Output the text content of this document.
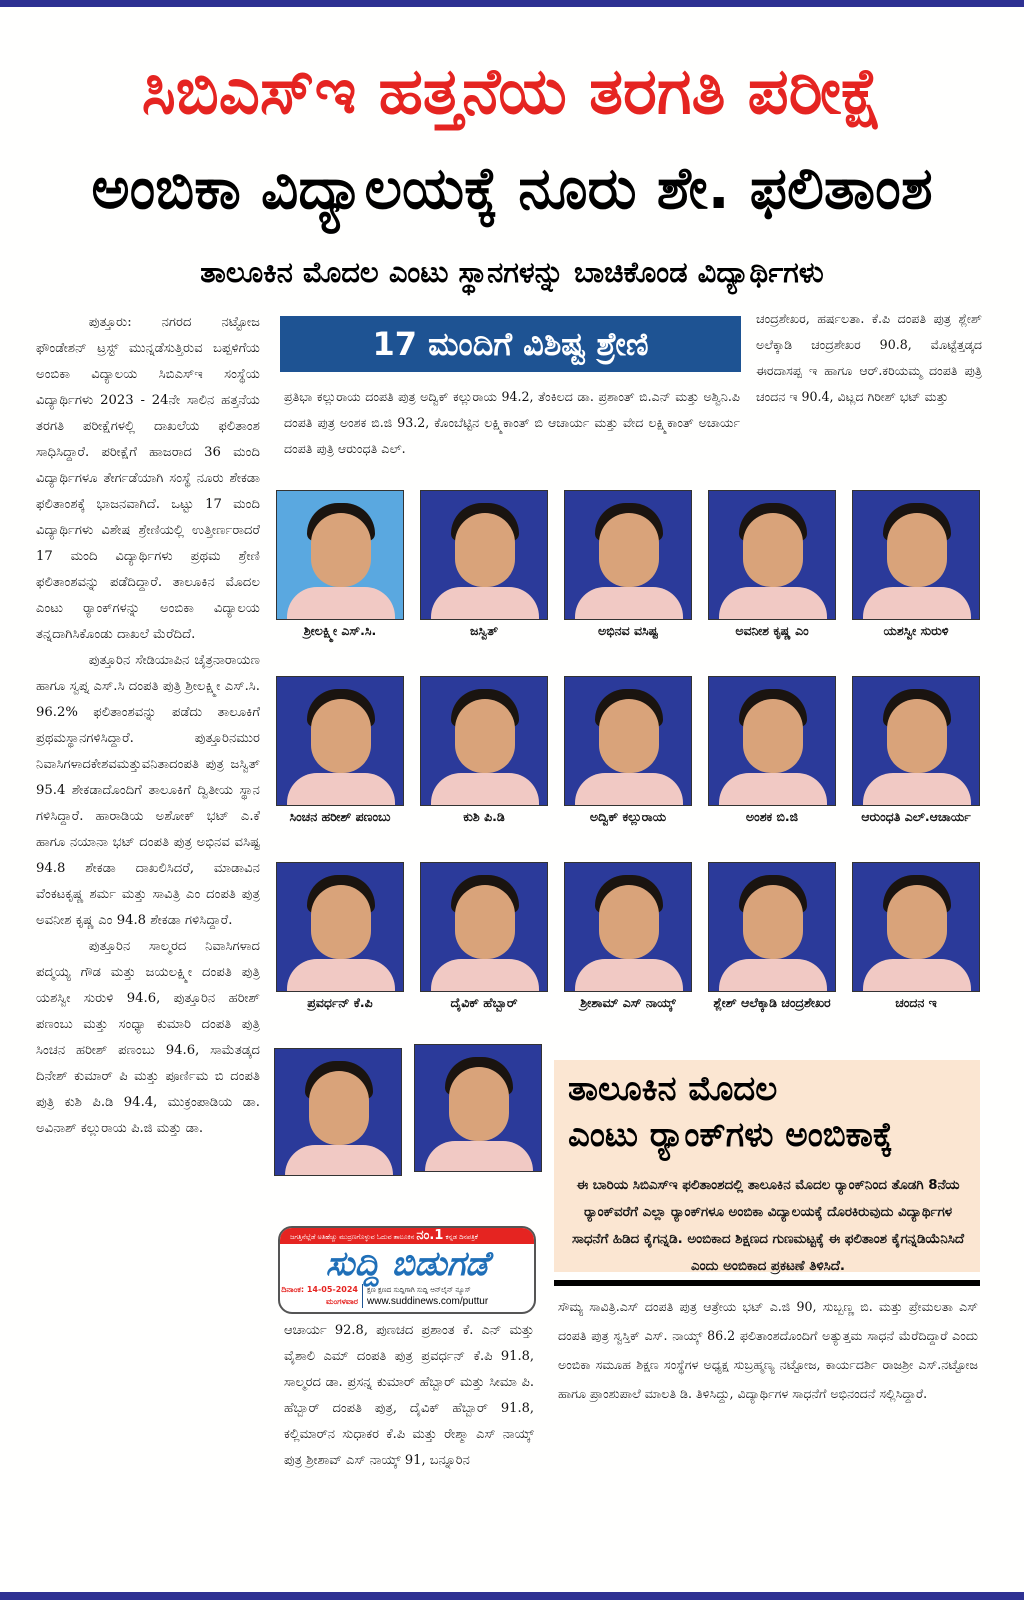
ಸಿಬಿಎಸ್‌ಇ ಹತ್ತನೆಯ ತರಗತಿ ಪರೀಕ್ಷೆ
ಅಂಬಿಕಾ ವಿದ್ಯಾಲಯಕ್ಕೆ ನೂರು ಶೇ. ಫಲಿತಾಂಶ
ತಾಲೂಕಿನ ಮೊದಲ ಎಂಟು ಸ್ಥಾನಗಳನ್ನು ಬಾಚಿಕೊಂಡ ವಿದ್ಯಾರ್ಥಿಗಳು

ಪುತ್ತೂರು: ನಗರದ ನಟ್ಟೋಜ ಫೌಂಡೇಶನ್ ಟ್ರಸ್ಟ್ ಮುನ್ನಡೆಸುತ್ತಿರುವ ಬಪ್ಪಳಿಗೆಯ ಅಂಬಿಕಾ ವಿದ್ಯಾಲಯ ಸಿಬಿಎಸ್‌ಇ ಸಂಸ್ಥೆಯ ವಿದ್ಯಾರ್ಥಿಗಳು 2023 - 24ನೇ ಸಾಲಿನ ಹತ್ತನೆಯ ತರಗತಿ ಪರೀಕ್ಷೆಗಳಲ್ಲಿ ದಾಖಲೆಯ ಫಲಿತಾಂಶ ಸಾಧಿಸಿದ್ದಾರೆ. ಪರೀಕ್ಷೆಗೆ ಹಾಜರಾದ 36 ಮಂದಿ ವಿದ್ಯಾರ್ಥಿಗಳೂ ತೇರ್ಗಡೆಯಾಗಿ ಸಂಸ್ಥೆ ನೂರು ಶೇಕಡಾ ಫಲಿತಾಂಶಕ್ಕೆ ಭಾಜನವಾಗಿದೆ. ಒಟ್ಟು 17 ಮಂದಿ ವಿದ್ಯಾರ್ಥಿಗಳು ವಿಶೇಷ ಶ್ರೇಣಿಯಲ್ಲಿ ಉತ್ತೀರ್ಣರಾದರೆ 17 ಮಂದಿ ವಿದ್ಯಾರ್ಥಿಗಳು ಪ್ರಥಮ ಶ್ರೇಣಿ ಫಲಿತಾಂಶವನ್ನು ಪಡೆದಿದ್ದಾರೆ. ತಾಲೂಕಿನ ಮೊದಲ ಎಂಟು ರ‍್ಯಾಂಕ್‌ಗಳನ್ನು ಅಂಬಿಕಾ ವಿದ್ಯಾಲಯ ತನ್ನದಾಗಿಸಿಕೊಂಡು ದಾಖಲೆ ಮೆರೆದಿದೆ.

ಪುತ್ತೂರಿನ ಸೇಡಿಯಾಪಿನ ಚೈತ್ರನಾರಾಯಣ ಹಾಗೂ ಸ್ವಪ್ನ ಎಸ್.ಸಿ ದಂಪತಿ ಪುತ್ರಿ ಶ್ರೀಲಕ್ಷ್ಮೀ ಎಸ್.ಸಿ. 96.2% ಫಲಿತಾಂಶವನ್ನು ಪಡೆದು ತಾಲೂಕಿಗೆ ಪ್ರಥಮಸ್ಥಾನಗಳಿಸಿದ್ದಾರೆ. ಪುತ್ತೂರಿನಮುರ ನಿವಾಸಿಗಳಾದಕೇಶವಮತ್ತುವನಿತಾದಂಪತಿ ಪುತ್ರ ಜಸ್ವಿತ್ 95.4 ಶೇಕಡಾದೊಂದಿಗೆ ತಾಲೂಕಿಗೆ ದ್ವಿತೀಯ ಸ್ಥಾನ ಗಳಿಸಿದ್ದಾರೆ. ಹಾರಾಡಿಯ ಅಶೋಕ್ ಭಟ್ ಎ.ಕೆ ಹಾಗೂ ನಯಾನಾ ಭಟ್ ದಂಪತಿ ಪುತ್ರ ಅಭಿನವ ವಸಿಷ್ಟ 94.8 ಶೇಕಡಾ ದಾಖಲಿಸಿದರೆ, ಮಾಡಾವಿನ ವೆಂಕಟಕೃಷ್ಣ ಶರ್ಮ ಮತ್ತು ಸಾವಿತ್ರಿ ಎಂ ದಂಪತಿ ಪುತ್ರ ಅವನೀಶ ಕೃಷ್ಣ ಎಂ 94.8 ಶೇಕಡಾ ಗಳಿಸಿದ್ದಾರೆ.

ಪುತ್ತೂರಿನ ಸಾಲ್ಮರದ ನಿವಾಸಿಗಳಾದ ಪದ್ಮಯ್ಯ ಗೌಡ ಮತ್ತು ಜಯಲಕ್ಷ್ಮೀ ದಂಪತಿ ಪುತ್ರಿ ಯಶಸ್ವೀ ಸುರುಳಿ 94.6, ಪುತ್ತೂರಿನ ಹರೀಶ್ ಪಣಂಬು ಮತ್ತು ಸಂಧ್ಯಾ ಕುಮಾರಿ ದಂಪತಿ ಪುತ್ರಿ ಸಿಂಚನ ಹರೀಶ್ ಪಣಂಬು 94.6, ಸಾಮೆತಡ್ಕದ ದಿನೇಶ್ ಕುಮಾರ್ ಪಿ ಮತ್ತು ಪೂರ್ಣಿಮ ಬಿ ದಂಪತಿ ಪುತ್ರಿ ಕುಶಿ ಪಿ.ಡಿ 94.4, ಮುಕ್ರಂಪಾಡಿಯ ಡಾ. ಅವಿನಾಶ್ ಕಲ್ಲುರಾಯ ಪಿ.ಜಿ ಮತ್ತು ಡಾ.

17 ಮಂದಿಗೆ ವಿಶಿಷ್ಟ ಶ್ರೇಣಿ
ಪ್ರತಿಭಾ ಕಲ್ಲುರಾಯ ದಂಪತಿ ಪುತ್ರ ಅದ್ವಿಕ್ ಕಲ್ಲುರಾಯ 94.2, ತೆಂಕಿಲದ ಡಾ. ಪ್ರಶಾಂತ್ ಬಿ.ಎನ್ ಮತ್ತು ಅಶ್ವಿನಿ.ಪಿ ದಂಪತಿ ಪುತ್ರ ಅಂಶಕ ಬಿ.ಜಿ 93.2, ಕೊಂಬೆಟ್ಟಿನ ಲಕ್ಷ್ಮಿಕಾಂತ್ ಬಿ ಆಚಾರ್ಯ ಮತ್ತು ವೇದ ಲಕ್ಷ್ಮಿಕಾಂತ್ ಅಚಾರ್ಯ ದಂಪತಿ ಪುತ್ರಿ ಆರುಂಧತಿ ಎಲ್.
ಚಂದ್ರಶೇಖರ, ಹರ್ಷಲತಾ. ಕೆ.ಪಿ ದಂಪತಿ ಪುತ್ರ ಶ್ಲೇಶ್ ಅಲೆಕ್ಕಾಡಿ ಚಂದ್ರಶೇಖರ 90.8, ಮೊಟ್ಟೆತ್ತಡ್ಕದ ಈರದಾಸಪ್ಪ ಇ ಹಾಗೂ ಆರ್.ಕರಿಯಮ್ಮ ದಂಪತಿ ಪುತ್ರಿ ಚಂದನ ಇ 90.4, ವಿಟ್ಲದ ಗಿರೀಶ್ ಭಟ್ ಮತ್ತು
ಶ್ರೀಲಕ್ಷ್ಮೀ ಎಸ್.ಸಿ.	ಜಸ್ವಿತ್	ಅಭಿನವ ವಸಿಷ್ಟ	ಅವನೀಶ ಕೃಷ್ಣ ಎಂ	ಯಶಸ್ವೀ ಸುರುಳಿ
ಸಿಂಚನ ಹರೀಶ್ ಪಣಂಬು	ಕುಶಿ ಪಿ.ಡಿ	ಅದ್ವಿಕ್ ಕಲ್ಲುರಾಯ	ಅಂಶಕ ಬಿ.ಜಿ	ಆರುಂಧತಿ ಎಲ್.ಆಚಾರ್ಯ
ಪ್ರವರ್ಧನ್ ಕೆ.ಪಿ	ದೈವಿಕ್ ಹೆಬ್ಬಾರ್	ಶ್ರೀಶಾಮ್ ಎಸ್ ನಾಯ್ಕ್	ಶ್ಲೇಶ್ ಆಲೆಕ್ಕಾಡಿ ಚಂದ್ರಶೇಖರ	ಚಂದನ ಇ
ಜಗತ್ತಿನೆಲ್ಲೆಡೆ ಅತಿಹೆಚ್ಚು ಮುದ್ರಣಗೊಳ್ಳುವ ಓದುವ ತಾಲೂಕಿನ ನಂ.1 ಕನ್ನಡ ದಿನಪತ್ರಿಕೆ
ಸುದ್ದಿ ಬಿಡುಗಡೆ
ದಿನಾಂಕ: 14-05-2024
ಮಂಗಳವಾರ
ಕ್ಷಣ ಕ್ಷಣದ ಸುದ್ದಿಗಾಗಿ ಸುದ್ದಿ ಆನ್‌ಲೈನ್ ನ್ಯೂಸ್
www.suddinews.com/puttur
ಆಚಾರ್ಯ 92.8, ಪುಣಚದ ಪ್ರಶಾಂತ ಕೆ. ಎನ್ ಮತ್ತು ವೈಶಾಲಿ ಎಮ್ ದಂಪತಿ ಪುತ್ರ ಪ್ರವರ್ಧನ್ ಕೆ.ಪಿ 91.8, ಸಾಲ್ಮರದ ಡಾ. ಪ್ರಸನ್ನ ಕುಮಾರ್ ಹೆಬ್ಬಾರ್ ಮತ್ತು ಸೀಮಾ ಪಿ. ಹೆಬ್ಬಾರ್ ದಂಪತಿ ಪುತ್ರ, ದೈವಿಕ್ ಹೆಬ್ಬಾರ್ 91.8, ಕಲ್ಲಿಮಾರ್‌ನ ಸುಧಾಕರ ಕೆ.ಪಿ ಮತ್ತು ರೇಶ್ಮಾ ಎಸ್ ನಾಯ್ಕ್ ಪುತ್ರ ಶ್ರೀಶಾವ್ ಎಸ್ ನಾಯ್ಕ್ 91, ಬನ್ನೂರಿನ
ತಾಲೂಕಿನ ಮೊದಲ
ಎಂಟು ರ‍್ಯಾಂಕ್‌ಗಳು ಅಂಬಿಕಾಕ್ಕೆ
ಈ ಬಾರಿಯ ಸಿಬಿಎಸ್‌ಇ ಫಲಿತಾಂಶದಲ್ಲಿ ತಾಲೂಕಿನ ಮೊದಲ ರ‍್ಯಾಂಕ್‌ನಿಂದ ತೊಡಗಿ 8ನೆಯ ರ‍್ಯಾಂಕ್‌ವರೆಗೆ ಎಲ್ಲಾ ರ‍್ಯಾಂಕ್‌ಗಳೂ ಅಂಬಿಕಾ ವಿದ್ಯಾಲಯಕ್ಕೆ ದೊರಕಿರುವುದು ವಿದ್ಯಾರ್ಥಿಗಳ ಸಾಧನೆಗೆ ಹಿಡಿದ ಕೈಗನ್ನಡಿ. ಅಂಬಿಕಾದ ಶಿಕ್ಷಣದ ಗುಣಮಟ್ಟಕ್ಕೆ ಈ ಫಲಿತಾಂಶ ಕೈಗನ್ನಡಿಯೆನಿಸಿದೆ ಎಂದು ಅಂಬಿಕಾದ ಪ್ರಕಟಣೆ ತಿಳಿಸಿದೆ.
ಸೌಮ್ಯ ಸಾವಿತ್ರಿ.ಎಸ್ ದಂಪತಿ ಪುತ್ರ ಆತ್ರೇಯ ಭಟ್ ಎ.ಜಿ 90, ಸುಬ್ಬಣ್ಣ ಬಿ. ಮತ್ತು ಪ್ರೇಮಲತಾ ಎಸ್ ದಂಪತಿ ಪುತ್ರ ಸ್ವಸ್ತಿಕ್ ಎಸ್. ನಾಯ್ಕ್ 86.2 ಫಲಿತಾಂಶದೊಂದಿಗೆ ಅತ್ಯುತ್ತಮ ಸಾಧನೆ ಮೆರೆದಿದ್ದಾರೆ ಎಂದು ಅಂಬಿಕಾ ಸಮೂಹ ಶಿಕ್ಷಣ ಸಂಸ್ಥೆಗಳ ಅಧ್ಯಕ್ಷ ಸುಬ್ರಹ್ಮಣ್ಯ ನಟ್ಟೋಜ, ಕಾರ್ಯದರ್ಶಿ ರಾಜಶ್ರೀ ಎಸ್.ನಟ್ಟೋಜ ಹಾಗೂ ಪ್ರಾಂಶುಪಾಲೆ ಮಾಲತಿ ಡಿ. ತಿಳಿಸಿದ್ದು, ವಿದ್ಯಾರ್ಥಿಗಳ ಸಾಧನೆಗೆ ಅಭಿನಂದನೆ ಸಲ್ಲಿಸಿದ್ದಾರೆ.
